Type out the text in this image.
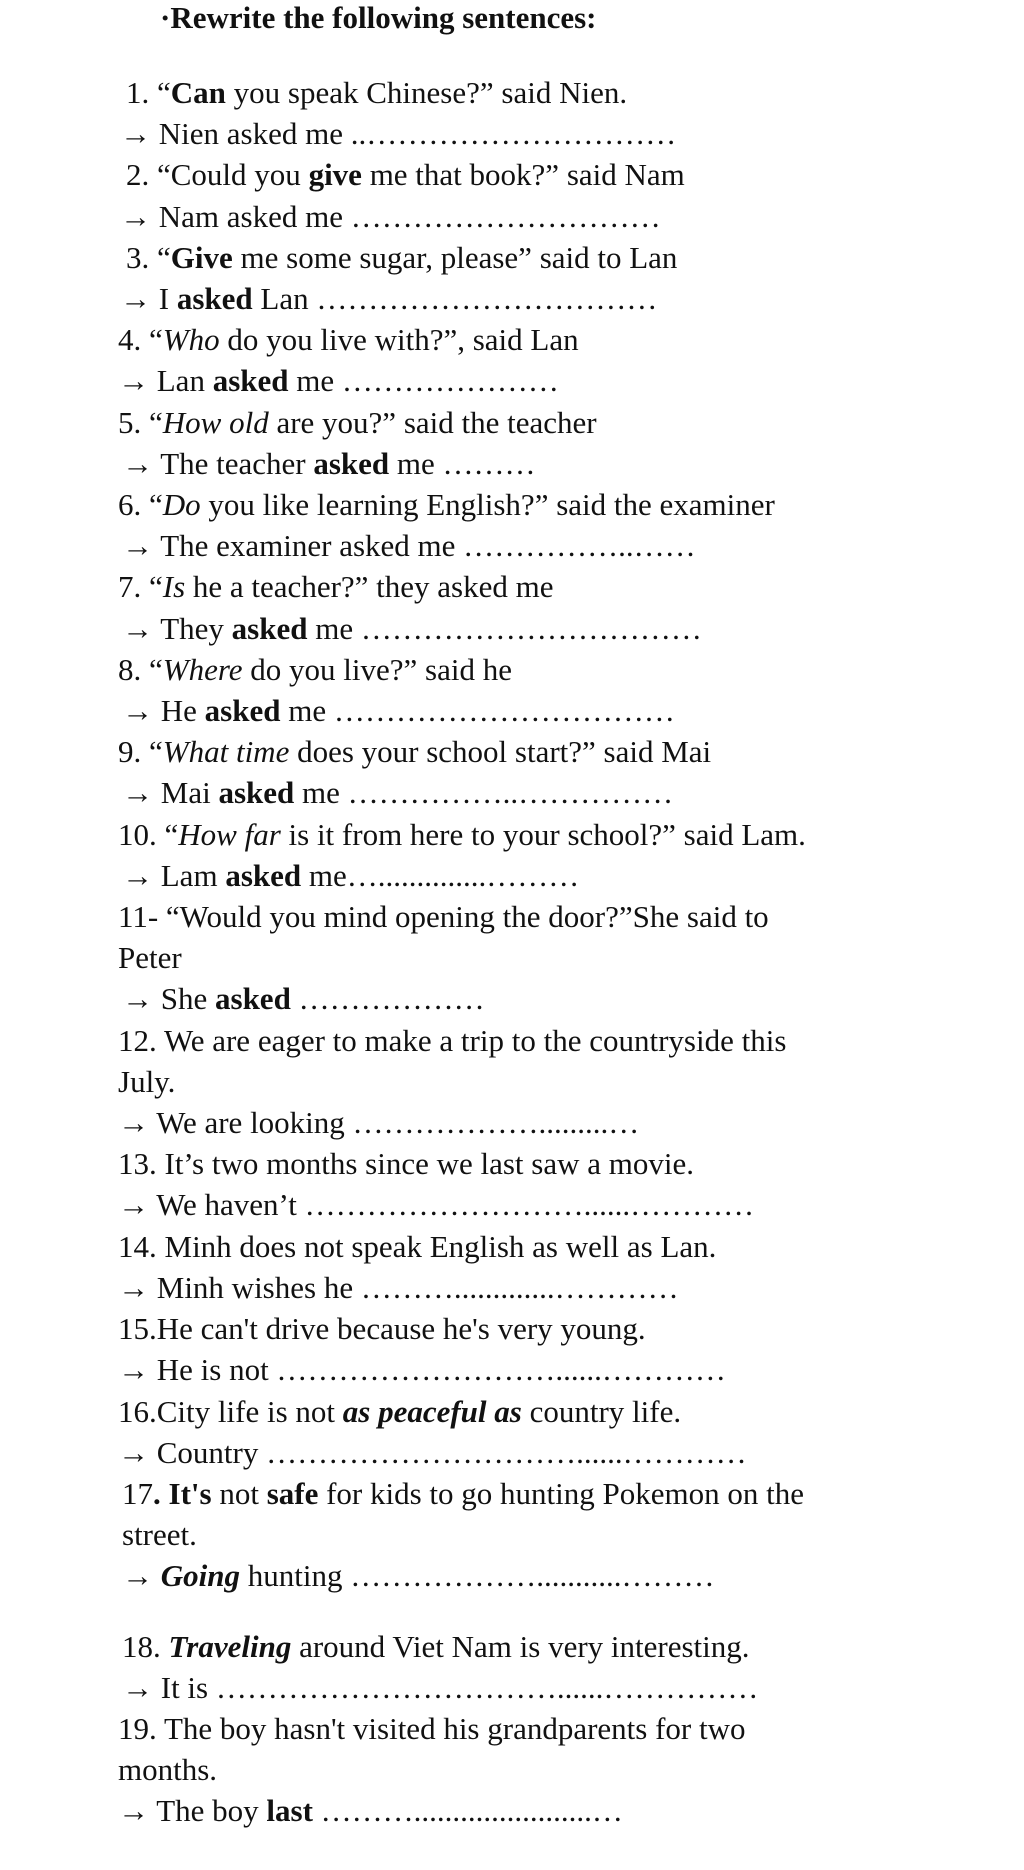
·Rewrite the following sentences:
1. “Can you speak Chinese?” said Nien.
→ Nien asked me ..…………………………
2. “Could you give me that book?” said Nam
→ Nam asked me …………………………
3. “Give me some sugar, please” said to Lan
→ I asked Lan ……………………………
4. “Who do you live with?”, said Lan
→ Lan asked me …………………
5. “How old are you?” said the teacher
→ The teacher asked me ………
6. “Do you like learning English?” said the examiner
→ The examiner asked me ……………..……
7. “Is he a teacher?” they asked me
→ They asked me ……………………………
8. “Where do you live?” said he
→ He asked me ……………………………
9. “What time does your school start?” said Mai
→ Mai asked me ……………..……………
10. “How far is it from here to your school?” said Lam.
→ Lam asked me…..............………
11- “Would you mind opening the door?”She said to
Peter
→ She asked ………………
12. We are eager to make a trip to the countryside this
July.
→ We are looking ……………….........…
13. It’s two months since we last saw a movie.
→ We haven’t ………………………......…………
14. Minh does not speak English as well as Lan.
→ Minh wishes he ……….............…………
15.He can't drive because he's very young.
→ He is not ………………………......…………
16.City life is not as peaceful as country life.
→ Country …………………………......…………
17. It's not safe for kids to go hunting Pokemon on the
street.
→ Going hunting ………………...........………
18. Traveling around Viet Nam is very interesting.
→ It is ……………………………......……………
19. The boy hasn't visited his grandparents for two
months.
→ The boy last ……….......................…
